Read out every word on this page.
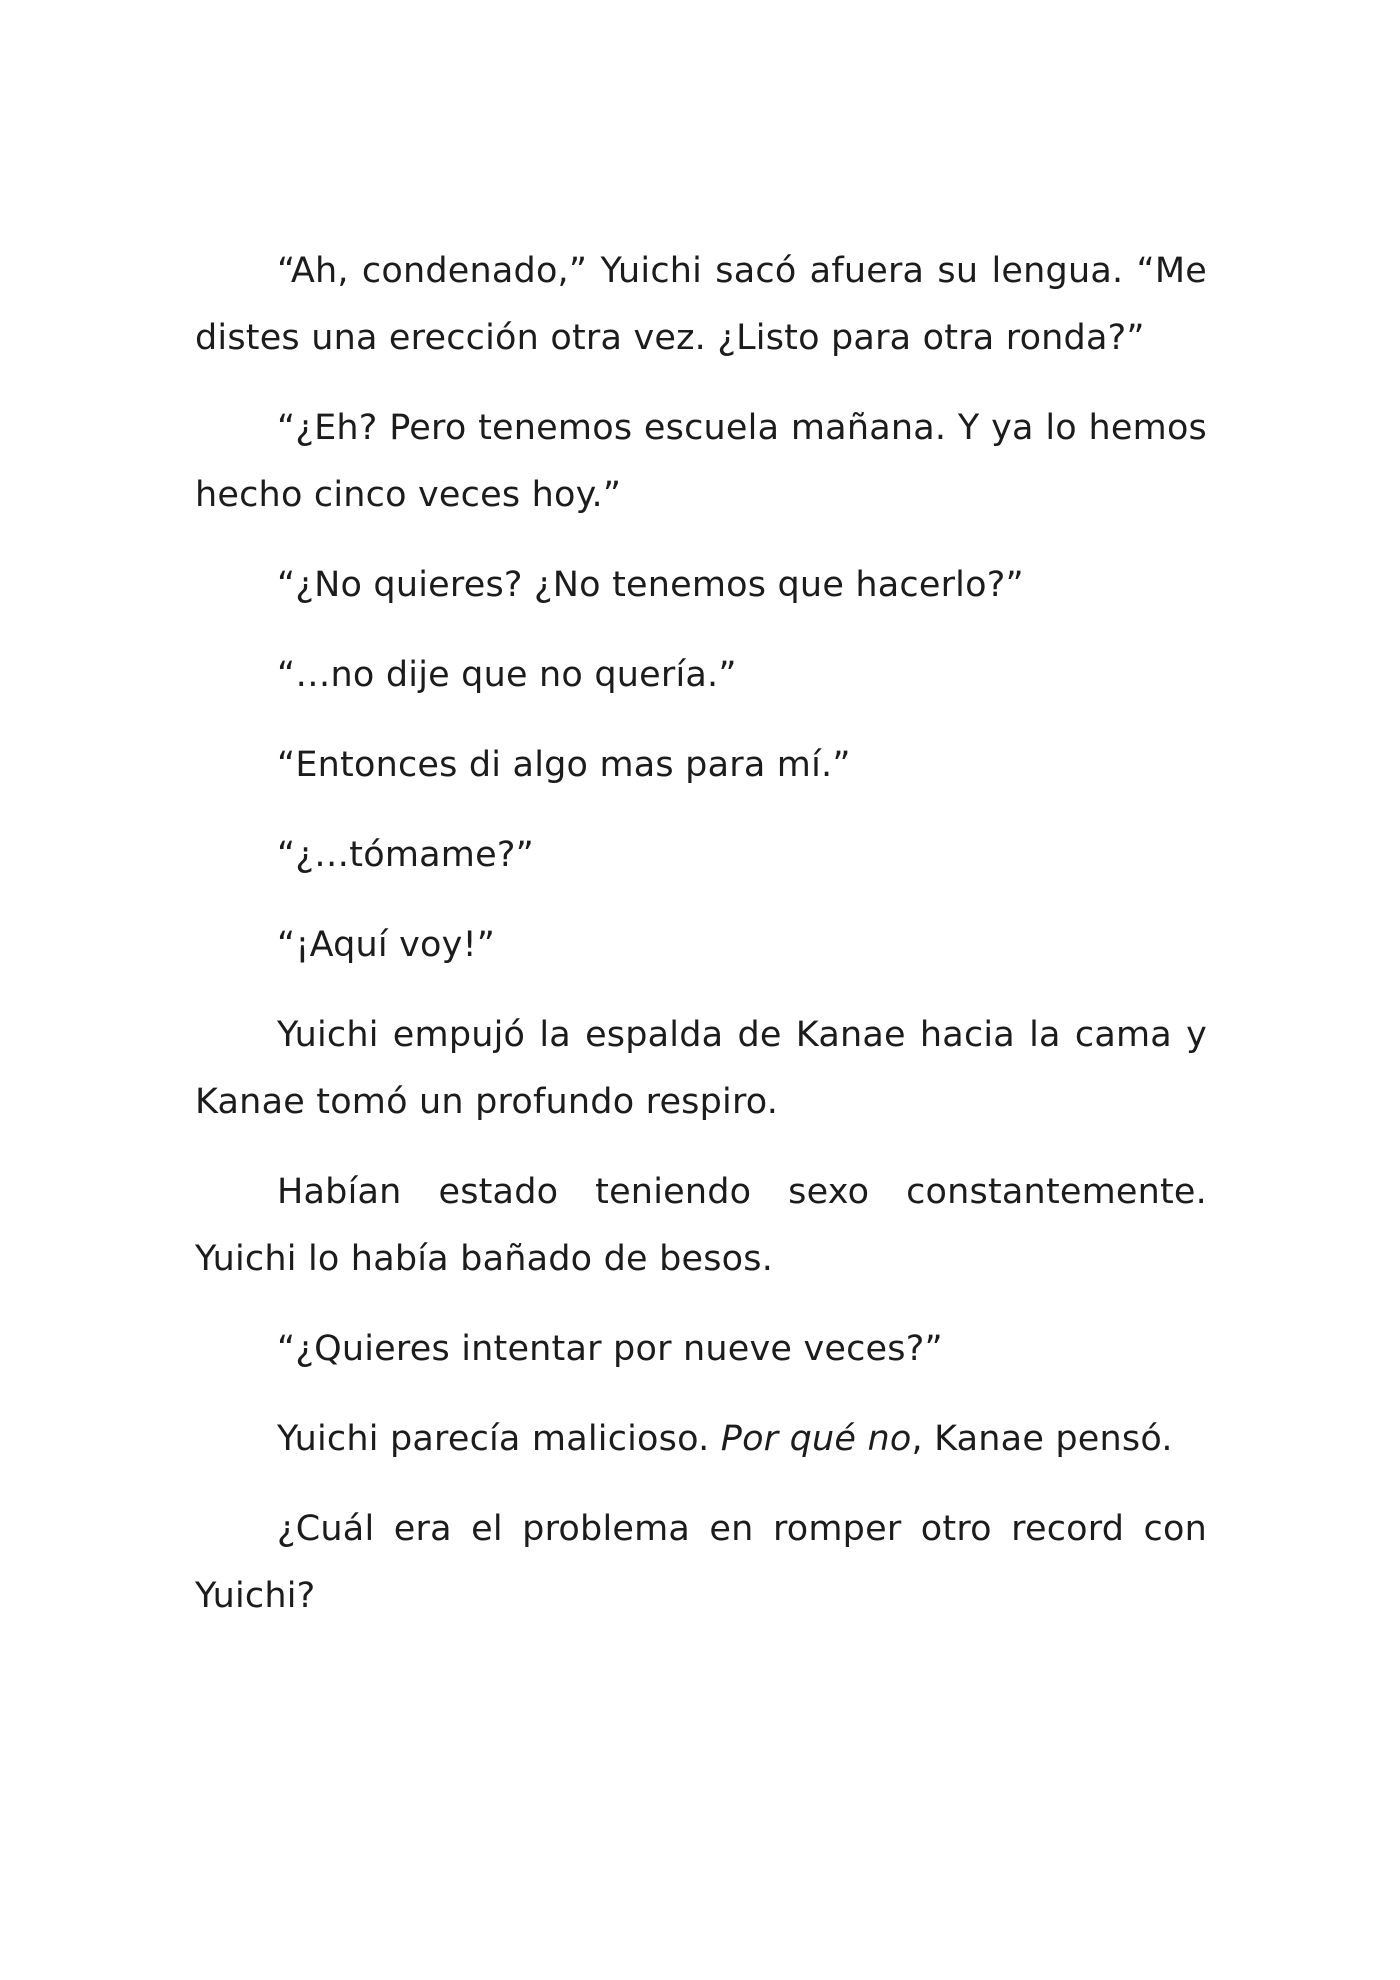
“Ah, condenado,” Yuichi sacó afuera su lengua. “Me distes una erección otra vez. ¿Listo para otra ronda?”

“¿Eh? Pero tenemos escuela mañana. Y ya lo hemos hecho cinco veces hoy.”

“¿No quieres? ¿No tenemos que hacerlo?”

“…no dije que no quería.”

“Entonces di algo mas para mí.”

“¿…tómame?”

“¡Aquí voy!”

Yuichi empujó la espalda de Kanae hacia la cama y Kanae tomó un profundo respiro.

Habían estado teniendo sexo constantemente. Yuichi lo había bañado de besos.

“¿Quieres intentar por nueve veces?”

Yuichi parecía malicioso. Por qué no, Kanae pensó.

¿Cuál era el problema en romper otro record con Yuichi?
